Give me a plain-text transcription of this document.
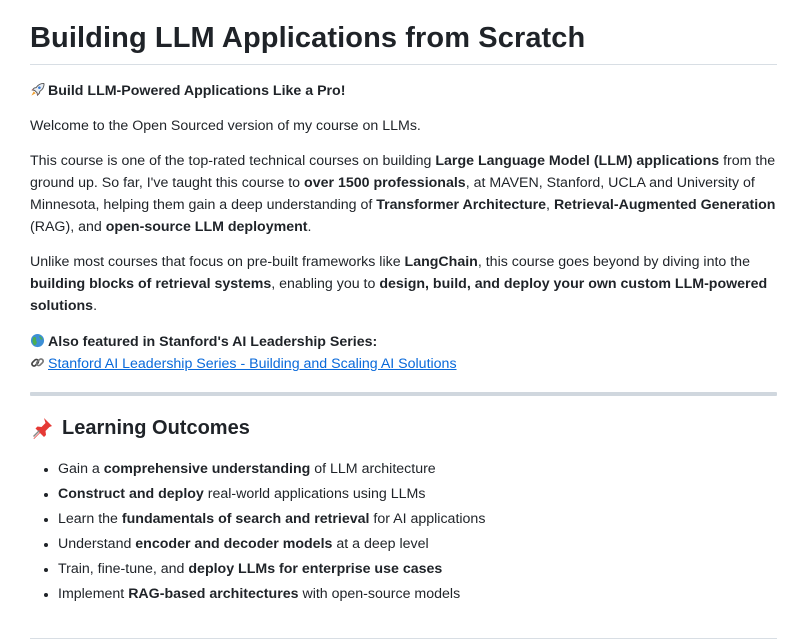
Building LLM Applications from Scratch

Build LLM-Powered Applications Like a Pro!

Welcome to the Open Sourced version of my course on LLMs.

This course is one of the top-rated technical courses on building Large Language Model (LLM) applications from the ground up. So far, I've taught this course to over 1500 professionals, at MAVEN, Stanford, UCLA and University of Minnesota, helping them gain a deep understanding of Transformer Architecture, Retrieval-Augmented Generation (RAG), and open-source LLM deployment.

Unlike most courses that focus on pre-built frameworks like LangChain, this course goes beyond by diving into the building blocks of retrieval systems, enabling you to design, build, and deploy your own custom LLM-powered solutions.

Also featured in Stanford's AI Leadership Series:
Stanford AI Leadership Series - Building and Scaling AI Solutions

Learning Outcomes
• Gain a comprehensive understanding of LLM architecture
• Construct and deploy real-world applications using LLMs
• Learn the fundamentals of search and retrieval for AI applications
• Understand encoder and decoder models at a deep level
• Train, fine-tune, and deploy LLMs for enterprise use cases
• Implement RAG-based architectures with open-source models
